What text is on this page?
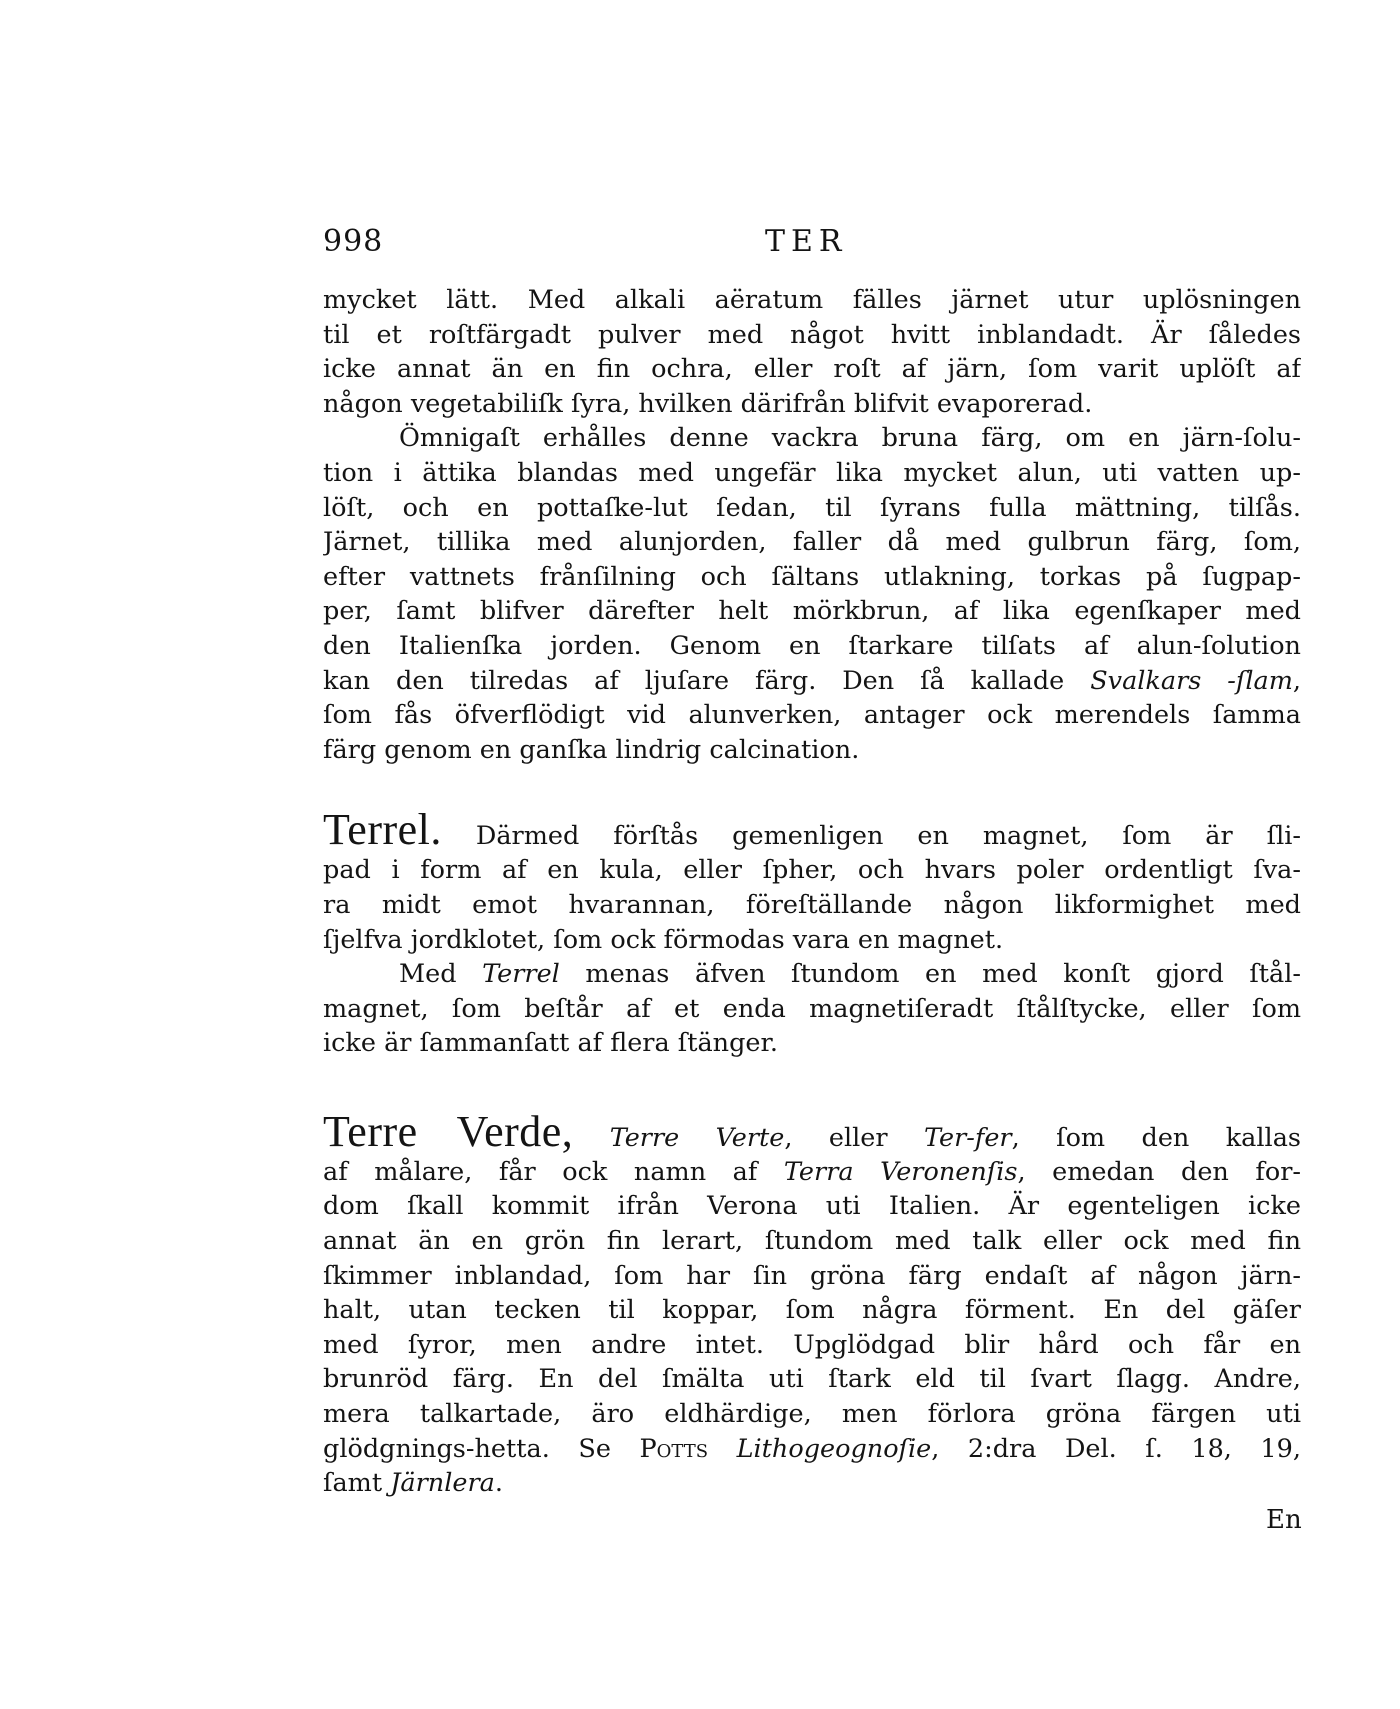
998	TER
mycket lätt. Med alkali aëratum fälles järnet utur uplösningen
til et roſtfärgadt pulver med något hvitt inblandadt. Är ſåledes
icke annat än en fin ochra, eller roſt af järn, ſom varit uplöſt af
någon vegetabiliſk ſyra, hvilken därifrån blifvit evaporerad.
Ömnigaſt erhålles denne vackra bruna färg, om en järn-ſolu-
tion i ättika blandas med ungefär lika mycket alun, uti vatten up-
löſt, och en pottaſke-lut ſedan, til ſyrans fulla mättning, tilſås.
Järnet, tillika med alunjorden, faller då med gulbrun färg, ſom,
efter vattnets frånſilning och ſältans utlakning, torkas på ſugpap-
per, ſamt blifver därefter helt mörkbrun, af lika egenſkaper med
den Italienſka jorden. Genom en ſtarkare tilſats af alun-ſolution
kan den tilredas af ljuſare färg. Den ſå kallade Svalkars -ſlam,
ſom fås öfverflödigt vid alunverken, antager ock merendels ſamma
färg genom en ganſka lindrig calcination.
Terrel. Därmed förſtås gemenligen en magnet, ſom är ſli-
pad i form af en kula, eller ſpher, och hvars poler ordentligt ſva-
ra midt emot hvarannan, föreſtällande någon likformighet med
ſjelfva jordklotet, ſom ock förmodas vara en magnet.
Med Terrel menas äfven ſtundom en med konſt gjord ſtål-
magnet, ſom beſtår af et enda magnetiſeradt ſtålſtycke, eller ſom
icke är ſammanſatt af flera ſtänger.
Terre Verde, Terre Verte, eller Ter-fer, ſom den kallas
af målare, får ock namn af Terra Veronenſis, emedan den for-
dom ſkall kommit ifrån Verona uti Italien. Är egenteligen icke
annat än en grön fin lerart, ſtundom med talk eller ock med fin
ſkimmer inblandad, ſom har ſin gröna färg endaſt af någon järn-
halt, utan tecken til koppar, ſom några förment. En del gäſer
med ſyror, men andre intet. Upglödgad blir hård och får en
brunröd färg. En del ſmälta uti ſtark eld til ſvart ſlagg. Andre,
mera talkartade, äro eldhärdige, men förlora gröna färgen uti
glödgnings-hetta. Se Potts Lithogeognoſie, 2:dra Del. ſ. 18, 19,
ſamt Järnlera.
En
